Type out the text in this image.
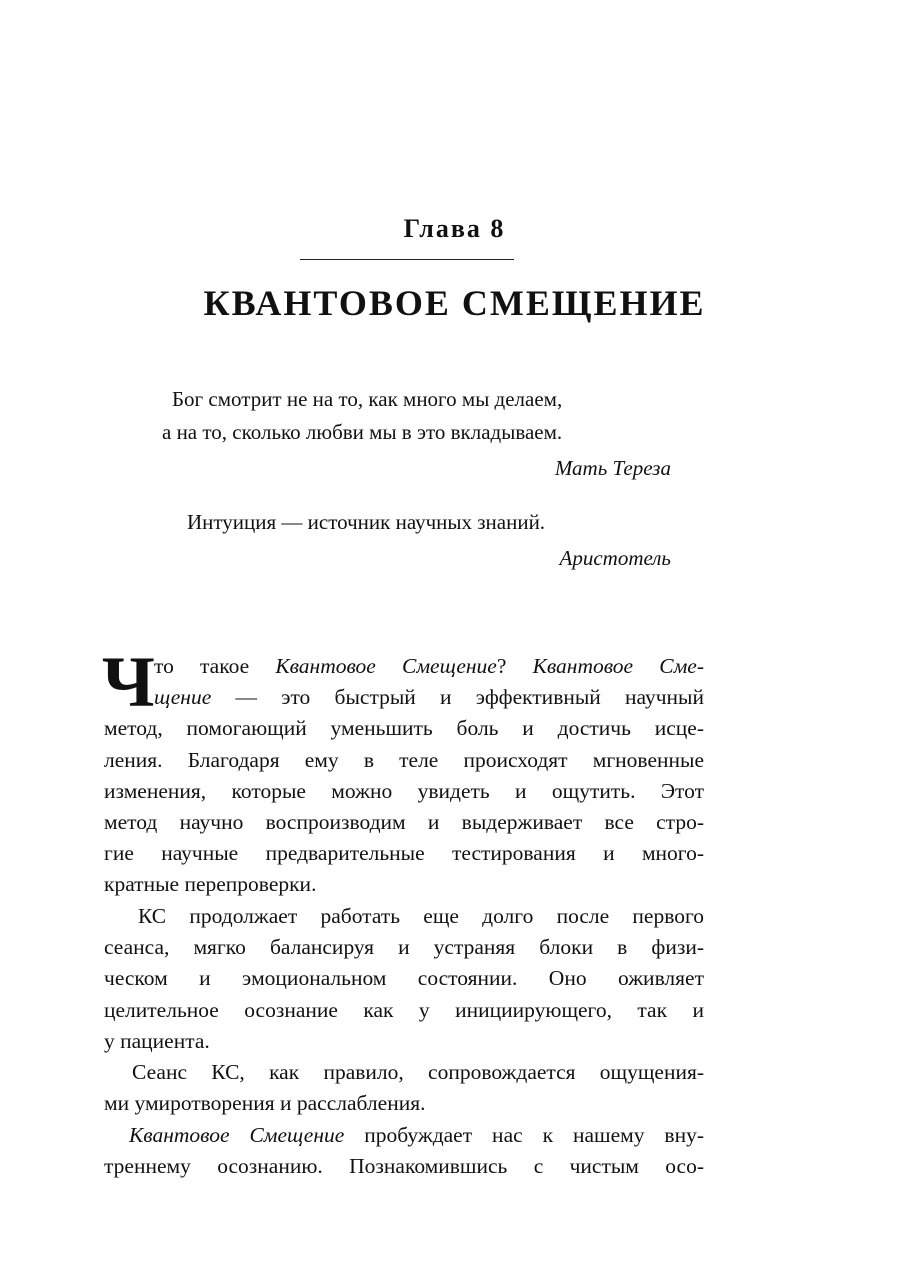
Глава 8
КВАНТОВОЕ СМЕЩЕНИЕ
Бог смотрит не на то, как много мы делаем,
а на то, сколько любви мы в это вкладываем.
Мать Тереза
Интуиция — источник научных знаний.
Аристотель
Ч то такое Квантовое Смещение? Квантовое Сме-
щение — это быстрый и эффективный научный
метод, помогающий уменьшить боль и достичь исце-
ления. Благодаря ему в теле происходят мгновенные
изменения, которые можно увидеть и ощутить. Этот
метод научно воспроизводим и выдерживает все стро-
гие научные предварительные тестирования и много-
кратные перепроверки.
КС продолжает работать еще долго после первого
сеанса, мягко балансируя и устраняя блоки в физи-
ческом и эмоциональном состоянии. Оно оживляет
целительное осознание как у инициирующего, так и
у пациента.
Сеанс КС, как правило, сопровождается ощущения-
ми умиротворения и расслабления.
Квантовое Смещение пробуждает нас к нашему вну-
треннему осознанию. Познакомившись с чистым осо-
